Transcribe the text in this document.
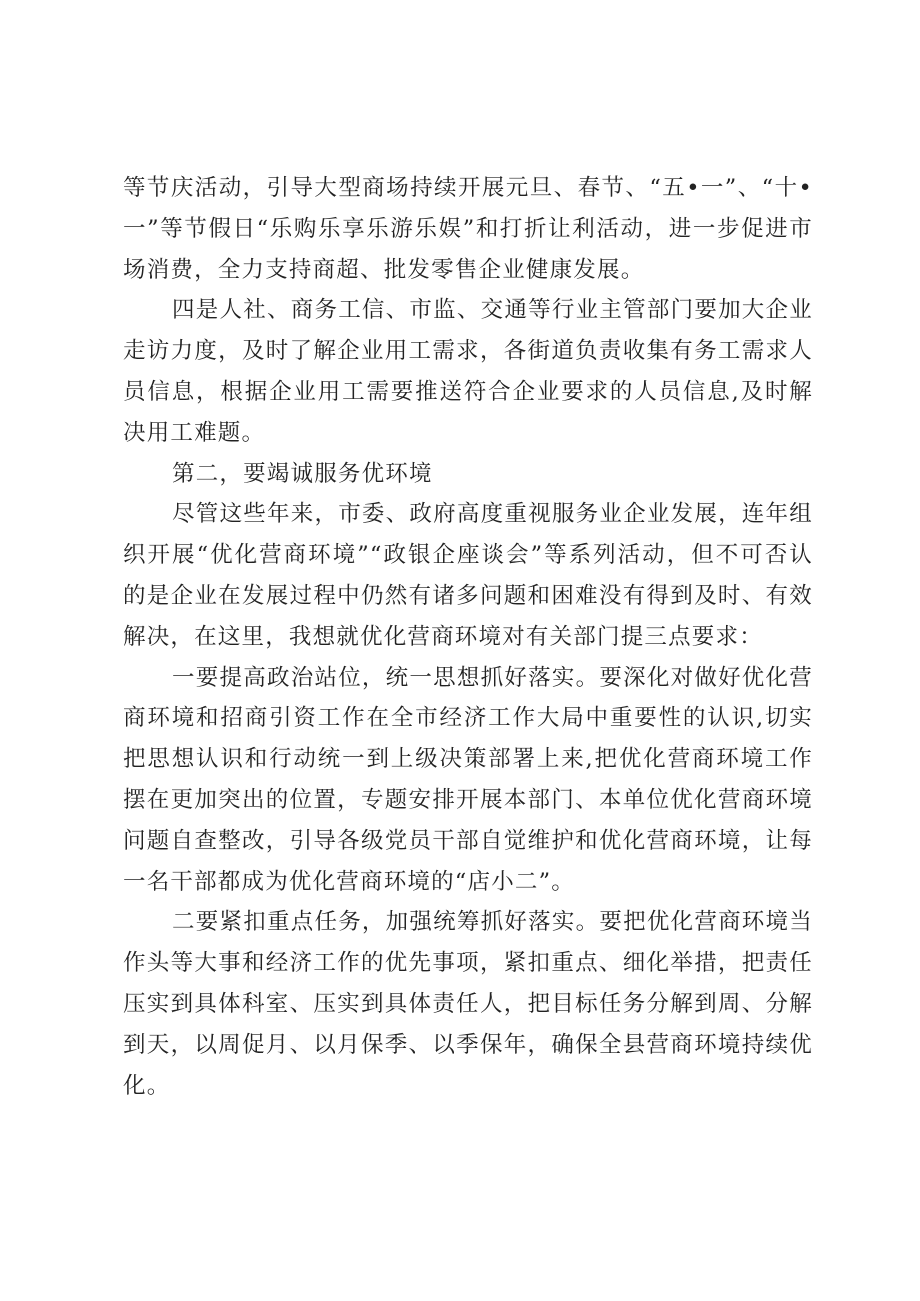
等节庆活动，引导大型商场持续开展元旦、春节、“五•一”、“十•一”等节假日“乐购乐享乐游乐娱”和打折让利活动，进一步促进市场消费，全力支持商超、批发零售企业健康发展。

四是人社、商务工信、市监、交通等行业主管部门要加大企业走访力度，及时了解企业用工需求，各街道负责收集有务工需求人员信息，根据企业用工需要推送符合企业要求的人员信息,及时解决用工难题。

第二，要竭诚服务优环境

尽管这些年来，市委、政府高度重视服务业企业发展，连年组织开展“优化营商环境”“政银企座谈会”等系列活动，但不可否认的是企业在发展过程中仍然有诸多问题和困难没有得到及时、有效解决，在这里，我想就优化营商环境对有关部门提三点要求：

一要提高政治站位，统一思想抓好落实。要深化对做好优化营商环境和招商引资工作在全市经济工作大局中重要性的认识,切实把思想认识和行动统一到上级决策部署上来,把优化营商环境工作摆在更加突出的位置，专题安排开展本部门、本单位优化营商环境问题自查整改，引导各级党员干部自觉维护和优化营商环境，让每一名干部都成为优化营商环境的“店小二”。

二要紧扣重点任务，加强统筹抓好落实。要把优化营商环境当作头等大事和经济工作的优先事项，紧扣重点、细化举措，把责任压实到具体科室、压实到具体责任人，把目标任务分解到周、分解到天，以周促月、以月保季、以季保年，确保全县营商环境持续优化。
